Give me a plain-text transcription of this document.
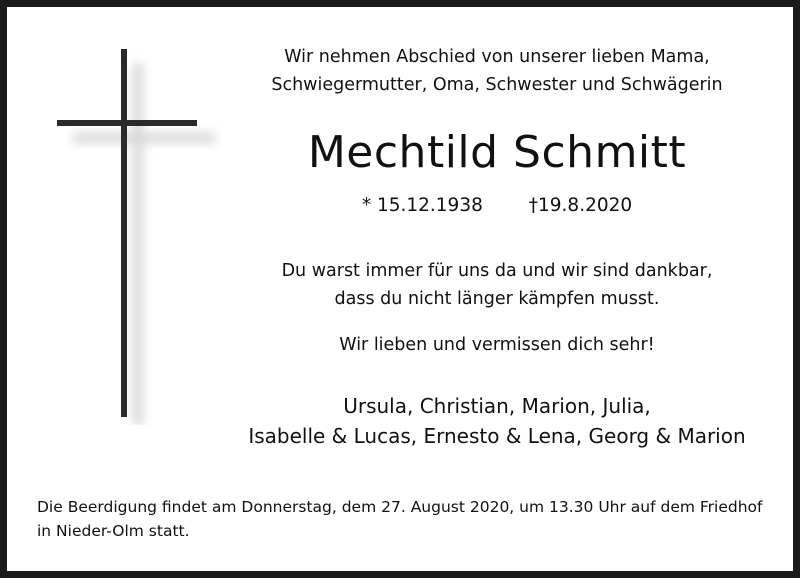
Wir nehmen Abschied von unserer lieben Mama,
Schwiegermutter, Oma, Schwester und Schwägerin
Mechtild Schmitt
* 15.12.1938 †19.8.2020
Du warst immer für uns da und wir sind dankbar,
dass du nicht länger kämpfen musst.
Wir lieben und vermissen dich sehr!
Ursula, Christian, Marion, Julia,
Isabelle & Lucas, Ernesto & Lena, Georg & Marion
Die Beerdigung findet am Donnerstag, dem 27. August 2020, um 13.30 Uhr auf dem Friedhof
in Nieder-Olm statt.
